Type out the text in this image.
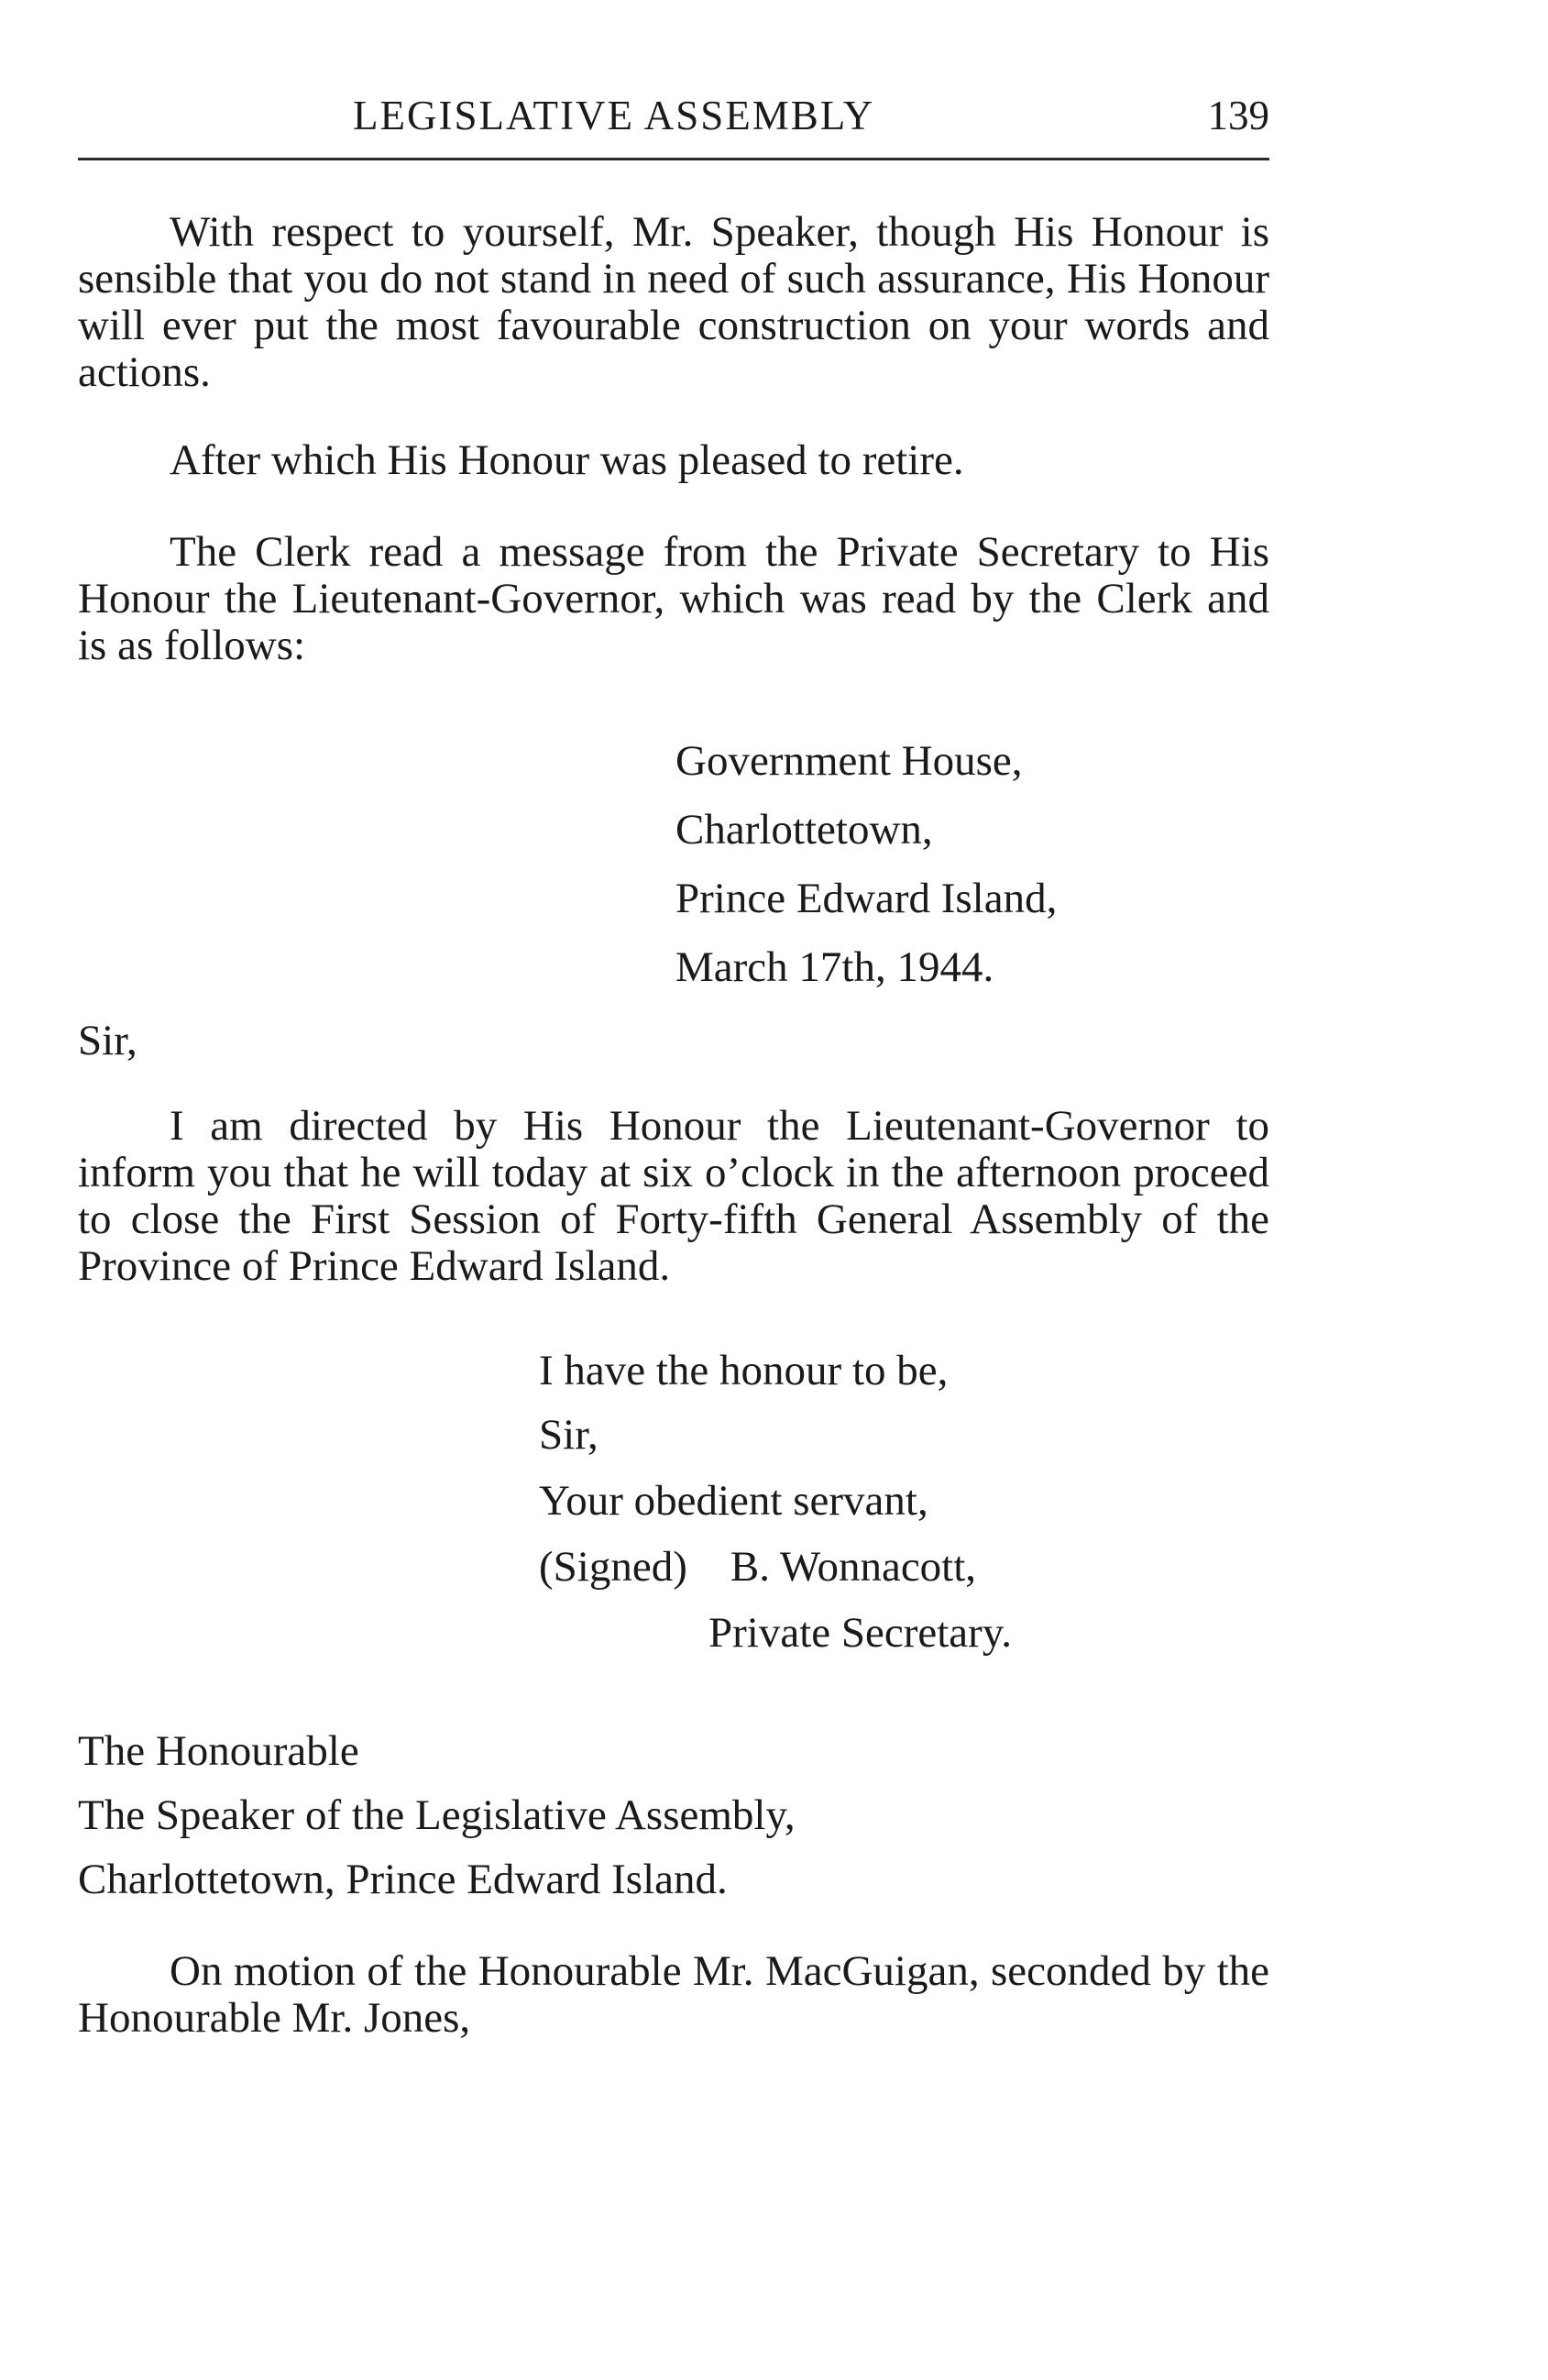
LEGISLATIVE ASSEMBLY	139

With respect to yourself, Mr. Speaker, though His Honour is sensible that you do not stand in need of such assurance, His Honour will ever put the most favourable construction on your words and actions.

After which His Honour was pleased to retire.

The Clerk read a message from the Private Secretary to His Honour the Lieutenant-Governor, which was read by the Clerk and is as follows:

Government House,
Charlottetown,
Prince Edward Island,
March 17th, 1944.
Sir,

I am directed by His Honour the Lieutenant-Governor to inform you that he will today at six o’clock in the afternoon proceed to close the First Session of Forty-fifth General Assembly of the Province of Prince Edward Island.

I have the honour to be,
Sir,
Your obedient servant,
(Signed)    B. Wonnacott,
Private Secretary.
The Honourable
The Speaker of the Legislative Assembly,
Charlottetown, Prince Edward Island.

On motion of the Honourable Mr. MacGuigan, seconded by the Honourable Mr. Jones,
